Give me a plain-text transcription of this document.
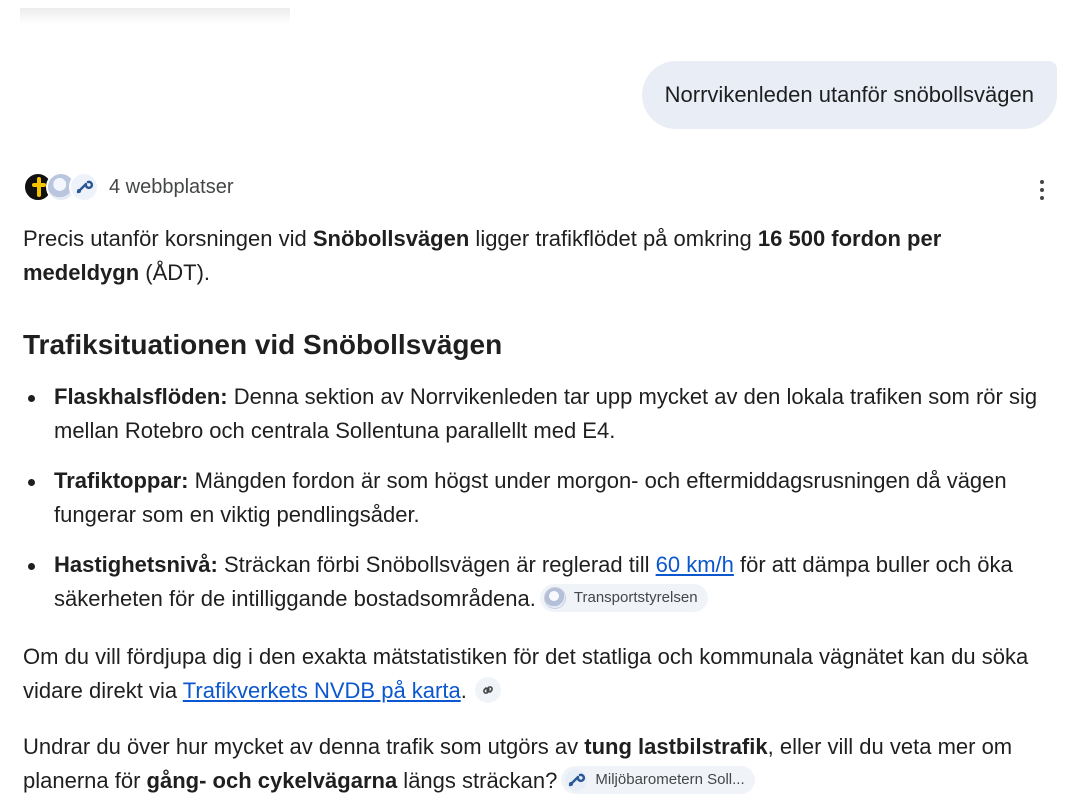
Norrvikenleden utanför snöbollsvägen
4 webbplatser

Precis utanför korsningen vid Snöbollsvägen ligger trafikflödet på omkring 16 500 fordon per medeldygn (ÅDT).

Trafiksituationen vid Snöbollsvägen
Flaskhalsflöden: Denna sektion av Norrvikenleden tar upp mycket av den lokala trafiken som rör sig mellan Rotebro och centrala Sollentuna parallellt med E4.
Trafiktoppar: Mängden fordon är som högst under morgon- och eftermiddagsrusningen då vägen fungerar som en viktig pendlingsåder.
Hastighetsnivå: Sträckan förbi Snöbollsvägen är reglerad till 60 km/h för att dämpa buller och öka säkerheten för de intilliggande bostadsområdena.	Transportstyrelsen

Om du vill fördjupa dig i den exakta mätstatistiken för det statliga och kommunala vägnätet kan du söka vidare direkt via Trafikverkets NVDB på karta.

Undrar du över hur mycket av denna trafik som utgörs av tung lastbilstrafik, eller vill du veta mer om planerna för gång- och cykelvägarna längs sträckan?	Miljöbarometern Soll...
